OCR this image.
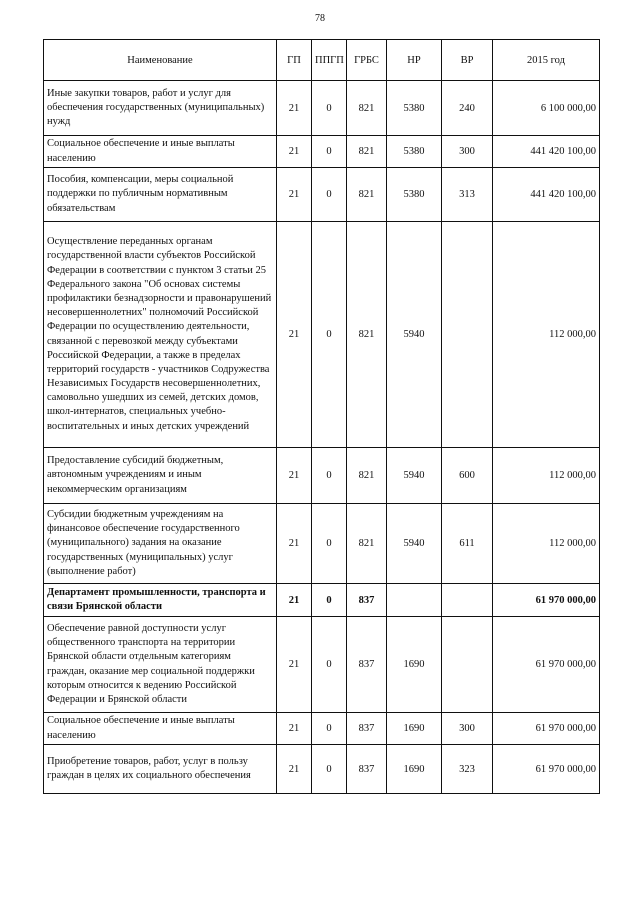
78
Наименование	ГП	ППГП	ГРБС	НР	ВР	2015 год
Иные закупки товаров, работ и услуг для обеспечения государственных (муниципальных) нужд	21	0	821	5380	240	6 100 000,00
Социальное обеспечение и иные выплаты населению	21	0	821	5380	300	441 420 100,00
Пособия, компенсации, меры социальной поддержки по публичным нормативным обязательствам	21	0	821	5380	313	441 420 100,00
Осуществление переданных органам государственной власти субъектов Российской Федерации в соответствии с пунктом 3 статьи 25 Федерального закона "Об основах системы профилактики безнадзорности и правонарушений несовершеннолетних" полномочий Российской Федерации по осуществлению деятельности, связанной с перевозкой между субъектами Российской Федерации, а также в пределах территорий государств - участников Содружества Независимых Государств несовершеннолетних, самовольно ушедших из семей, детских домов, школ-интернатов, специальных учебно-воспитательных и иных детских учреждений	21	0	821	5940		112 000,00
Предоставление субсидий бюджетным, автономным учреждениям и иным некоммерческим организациям	21	0	821	5940	600	112 000,00
Субсидии бюджетным учреждениям на финансовое обеспечение государственного (муниципального) задания на оказание государственных (муниципальных) услуг (выполнение работ)	21	0	821	5940	611	112 000,00
Департамент промышленности, транспорта и связи Брянской области	21	0	837			61 970 000,00
Обеспечение равной доступности услуг общественного транспорта на территории Брянской области отдельным категориям граждан, оказание мер социальной поддержки которым относится к ведению Российской Федерации и Брянской области	21	0	837	1690		61 970 000,00
Социальное обеспечение и иные выплаты населению	21	0	837	1690	300	61 970 000,00
Приобретение товаров, работ, услуг в пользу граждан в целях их социального обеспечения	21	0	837	1690	323	61 970 000,00
